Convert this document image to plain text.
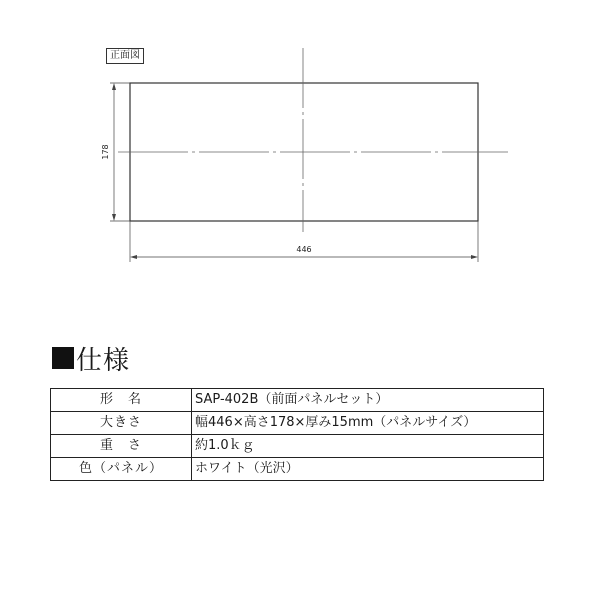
178
446
正面図
仕様
形　名	SAP-402B（前面パネルセット）
大きさ	幅446×高さ178×厚み15mm（パネルサイズ）
重　さ	約1.0ｋｇ
色（パネル）	ホワイト（光沢）
